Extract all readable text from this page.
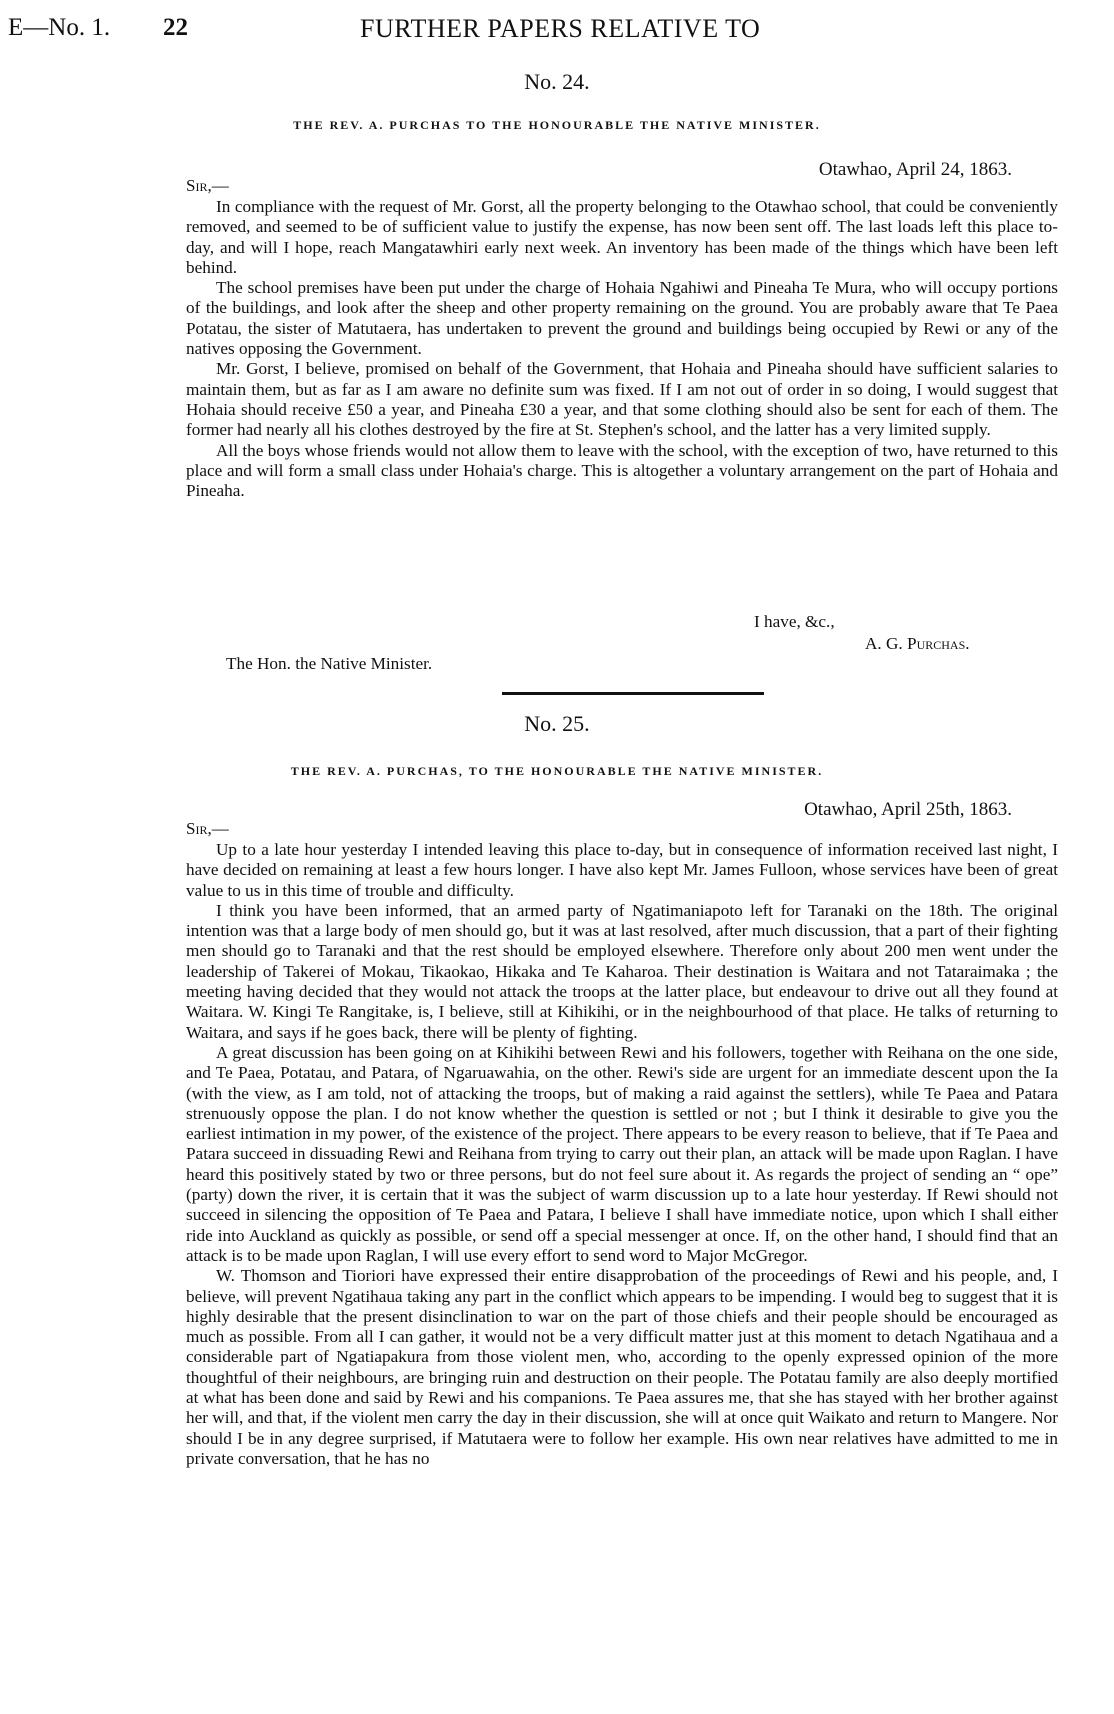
E—No. 1. 22	FURTHER PAPERS RELATIVE TO
No. 24.
THE REV. A. PURCHAS TO THE HONOURABLE THE NATIVE MINISTER.
Otawhao, April 24, 1863.
Sir,—

In compliance with the request of Mr. Gorst, all the property belonging to the Otawhao school, that could be conveniently removed, and seemed to be of sufficient value to justify the expense, has now been sent off. The last loads left this place to-day, and will I hope, reach Mangatawhiri early next week. An inventory has been made of the things which have been left behind.

The school premises have been put under the charge of Hohaia Ngahiwi and Pineaha Te Mura, who will occupy portions of the buildings, and look after the sheep and other property remaining on the ground. You are probably aware that Te Paea Potatau, the sister of Matutaera, has undertaken to prevent the ground and buildings being occupied by Rewi or any of the natives opposing the Government.

Mr. Gorst, I believe, promised on behalf of the Government, that Hohaia and Pineaha should have sufficient salaries to maintain them, but as far as I am aware no definite sum was fixed. If I am not out of order in so doing, I would suggest that Hohaia should receive £50 a year, and Pineaha £30 a year, and that some clothing should also be sent for each of them. The former had nearly all his clothes destroyed by the fire at St. Stephen's school, and the latter has a very limited supply.

All the boys whose friends would not allow them to leave with the school, with the exception of two, have returned to this place and will form a small class under Hohaia's charge. This is altogether a voluntary arrangement on the part of Hohaia and Pineaha.

I have, &c.,
A. G. Purchas.
The Hon. the Native Minister.
No. 25.
THE REV. A. PURCHAS, TO THE HONOURABLE THE NATIVE MINISTER.
Otawhao, April 25th, 1863.
Sir,—

Up to a late hour yesterday I intended leaving this place to-day, but in consequence of information received last night, I have decided on remaining at least a few hours longer. I have also kept Mr. James Fulloon, whose services have been of great value to us in this time of trouble and difficulty.

I think you have been informed, that an armed party of Ngatimaniapoto left for Taranaki on the 18th. The original intention was that a large body of men should go, but it was at last resolved, after much discussion, that a part of their fighting men should go to Taranaki and that the rest should be employed elsewhere. Therefore only about 200 men went under the leadership of Takerei of Mokau, Tikaokao, Hikaka and Te Kaharoa. Their destination is Waitara and not Tataraimaka ; the meeting having decided that they would not attack the troops at the latter place, but endeavour to drive out all they found at Waitara. W. Kingi Te Rangitake, is, I believe, still at Kihikihi, or in the neighbourhood of that place. He talks of returning to Waitara, and says if he goes back, there will be plenty of fighting.

A great discussion has been going on at Kihikihi between Rewi and his followers, together with Reihana on the one side, and Te Paea, Potatau, and Patara, of Ngaruawahia, on the other. Rewi's side are urgent for an immediate descent upon the Ia (with the view, as I am told, not of attacking the troops, but of making a raid against the settlers), while Te Paea and Patara strenuously oppose the plan. I do not know whether the question is settled or not ; but I think it desirable to give you the earliest intimation in my power, of the existence of the project. There appears to be every reason to believe, that if Te Paea and Patara succeed in dissuading Rewi and Reihana from trying to carry out their plan, an attack will be made upon Raglan. I have heard this positively stated by two or three persons, but do not feel sure about it. As regards the project of sending an “ ope” (party) down the river, it is certain that it was the subject of warm discussion up to a late hour yesterday. If Rewi should not succeed in silencing the opposition of Te Paea and Patara, I believe I shall have immediate notice, upon which I shall either ride into Auckland as quickly as possible, or send off a special messenger at once. If, on the other hand, I should find that an attack is to be made upon Raglan, I will use every effort to send word to Major McGregor.

W. Thomson and Tioriori have expressed their entire disapprobation of the proceedings of Rewi and his people, and, I believe, will prevent Ngatihaua taking any part in the conflict which appears to be impending. I would beg to suggest that it is highly desirable that the present disinclination to war on the part of those chiefs and their people should be encouraged as much as possible. From all I can gather, it would not be a very difficult matter just at this moment to detach Ngatihaua and a considerable part of Ngatiapakura from those violent men, who, according to the openly expressed opinion of the more thoughtful of their neighbours, are bringing ruin and destruction on their people. The Potatau family are also deeply mortified at what has been done and said by Rewi and his companions. Te Paea assures me, that she has stayed with her brother against her will, and that, if the violent men carry the day in their discussion, she will at once quit Waikato and return to Mangere. Nor should I be in any degree surprised, if Matutaera were to follow her example. His own near relatives have admitted to me in private conversation, that he has no
